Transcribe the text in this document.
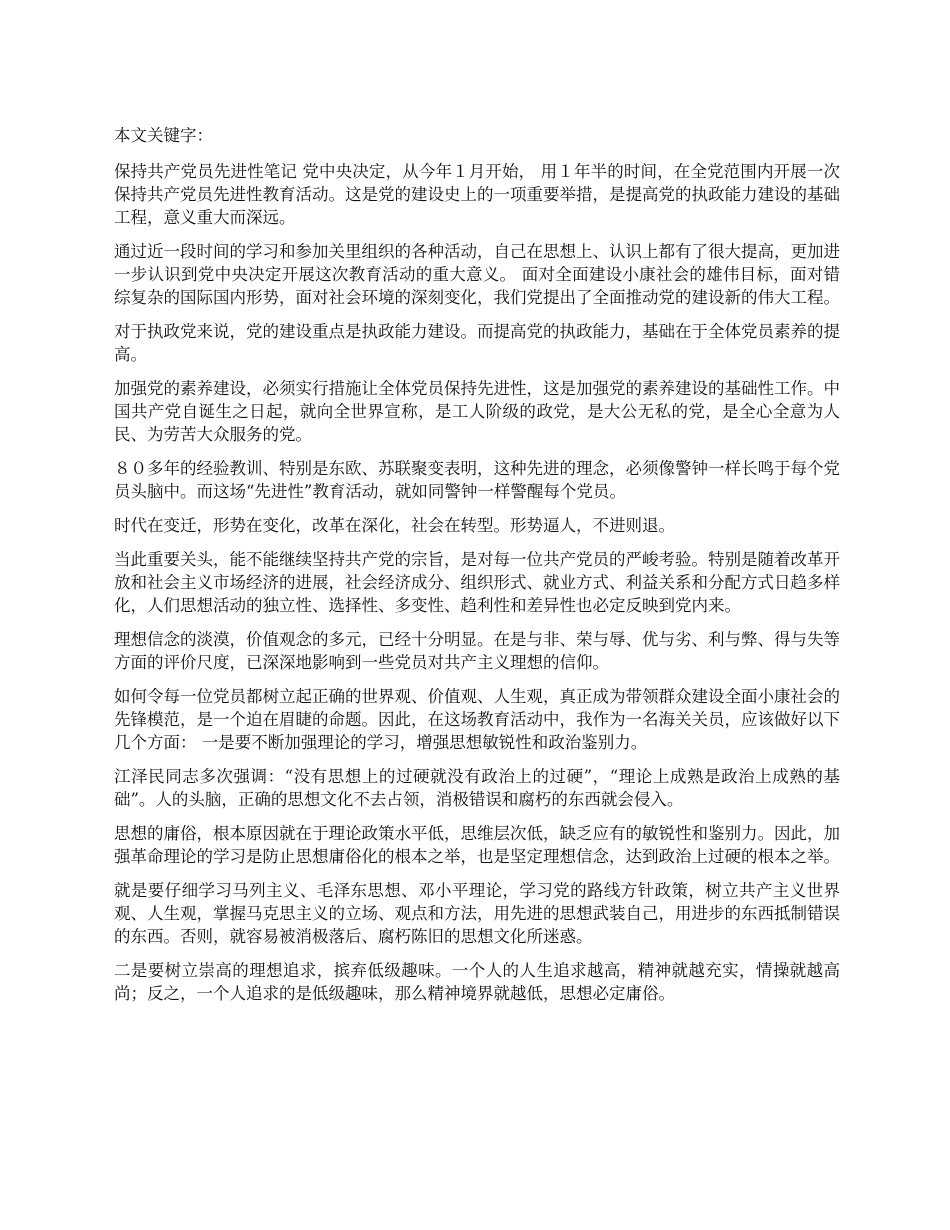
本文关键字：

保持共产党员先进性笔记 党中央决定，从今年１月开始， 用１年半的时间，在全党范围内开展一次保持共产党员先进性教育活动。这是党的建设史上的一项重要举措，是提高党的执政能力建设的基础工程，意义重大而深远。

通过近一段时间的学习和参加关里组织的各种活动，自己在思想上、认识上都有了很大提高，更加进一步认识到党中央决定开展这次教育活动的重大意义。 面对全面建设小康社会的雄伟目标，面对错综复杂的国际国内形势，面对社会环境的深刻变化，我们党提出了全面推动党的建设新的伟大工程。

对于执政党来说，党的建设重点是执政能力建设。而提高党的执政能力，基础在于全体党员素养的提高。

加强党的素养建设，必须实行措施让全体党员保持先进性，这是加强党的素养建设的基础性工作。中国共产党自诞生之日起，就向全世界宣称，是工人阶级的政党，是大公无私的党，是全心全意为人民、为劳苦大众服务的党。

８０多年的经验教训、特别是东欧、苏联聚变表明，这种先进的理念，必须像警钟一样长鸣于每个党员头脑中。而这场“先进性”教育活动，就如同警钟一样警醒每个党员。

时代在变迁，形势在变化，改革在深化，社会在转型。形势逼人，不进则退。

当此重要关头，能不能继续坚持共产党的宗旨，是对每一位共产党员的严峻考验。特别是随着改革开放和社会主义市场经济的进展，社会经济成分、组织形式、就业方式、利益关系和分配方式日趋多样化，人们思想活动的独立性、选择性、多变性、趋利性和差异性也必定反映到党内来。

理想信念的淡漠，价值观念的多元，已经十分明显。在是与非、荣与辱、优与劣、利与弊、得与失等方面的评价尺度，已深深地影响到一些党员对共产主义理想的信仰。

如何令每一位党员都树立起正确的世界观、价值观、人生观，真正成为带领群众建设全面小康社会的先锋模范，是一个迫在眉睫的命题。因此，在这场教育活动中，我作为一名海关关员，应该做好以下几个方面： 一是要不断加强理论的学习，增强思想敏锐性和政治鉴别力。

江泽民同志多次强调：“没有思想上的过硬就没有政治上的过硬”，“理论上成熟是政治上成熟的基础”。人的头脑，正确的思想文化不去占领，消极错误和腐朽的东西就会侵入。

思想的庸俗，根本原因就在于理论政策水平低，思维层次低，缺乏应有的敏锐性和鉴别力。因此，加强革命理论的学习是防止思想庸俗化的根本之举，也是坚定理想信念，达到政治上过硬的根本之举。

就是要仔细学习马列主义、毛泽东思想、邓小平理论，学习党的路线方针政策，树立共产主义世界观、人生观，掌握马克思主义的立场、观点和方法，用先进的思想武装自己，用进步的东西抵制错误的东西。否则，就容易被消极落后、腐朽陈旧的思想文化所迷惑。

二是要树立崇高的理想追求，摈弃低级趣味。一个人的人生追求越高，精神就越充实，情操就越高尚；反之，一个人追求的是低级趣味，那么精神境界就越低，思想必定庸俗。
